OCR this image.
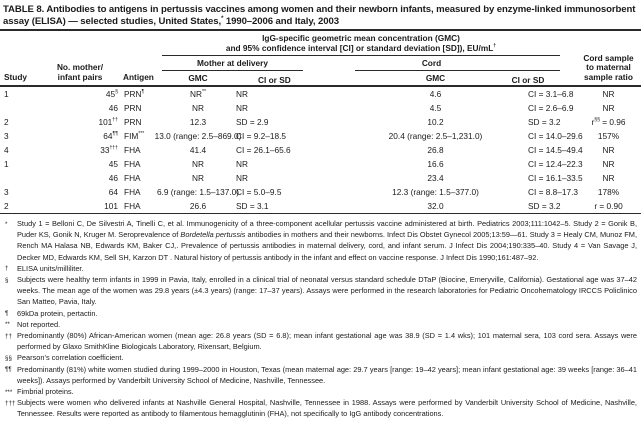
TABLE 8. Antibodies to antigens in pertussis vaccines among women and their newborn infants, measured by enzyme-linked immunosorbent assay (ELISA) — selected studies, United States,* 1990–2006 and Italy, 2003
Study	
No. mother/
infant pairs	Antigen	
IgG-specific geometric mean concentration (GMC)
and 95% confidence interval [CI] or standard deviation [SD]), EU/mL†

Cord sample
to maternal
sample ratio

			Mother at delivery		Cord		

			GMC	CI or SD	GMC	CI or SD	
1	45§	PRN¶	NR**	NR	4.6	CI = 3.1–6.8	NR
	46	PRN	NR	NR	4.5	CI = 2.6–6.9	NR
2	101††	PRN	12.3	SD = 2.9	10.2	SD = 3.2	r§§ = 0.96
3	64¶¶	FIM***	13.0 (range: 2.5–869.0)	CI = 9.2–18.5	20.4 (range: 2.5–1,231.0)	CI = 14.0–29.6	157%
4	33†††	FHA	41.4	CI = 26.1–65.6	26.8	CI = 14.5–49.4	NR
1	45	FHA	NR	NR	16.6	CI = 12.4–22.3	NR
	46	FHA	NR	NR	23.4	CI = 16.1–33.5	NR
3	64	FHA	6.9 (range: 1.5–137.0)	CI = 5.0–9.5	12.3 (range: 1.5–377.0)	CI = 8.8–17.3	178%
2	101	FHA	26.6	SD = 3.1	32.0	SD = 3.2	r = 0.90
* Study 1 = Belloni C, De Silvestri A, Tinelli C, et al. Immunogenicity of a three-component acellular pertussis vaccine administered at birth. Pediatrics 2003;111:1042–5. Study 2 = Gonik B, Puder KS, Gonik N, Kruger M. Seroprevalence of Bordetella pertussis antibodies in mothers and their newborns. Infect Dis Obstet Gynecol 2005;13:59—61. Study 3 = Healy CM, Munoz FM, Rench MA Halasa NB, Edwards KM, Baker CJ,. Prevalence of pertussis antibodies in maternal delivery, cord, and infant serum. J Infect Dis 2004;190:335–40. Study 4 = Van Savage J, Decker MD, Edwards KM, Sell SH, Karzon DT . Natural history of pertussis antibody in the infant and effect on vaccine response. J Infect Dis 1990;161:487–92.
† ELISA units/milliliter.
§ Subjects were healthy term infants in 1999 in Pavia, Italy, enrolled in a clinical trial of neonatal versus standard schedule DTaP (Biocine, Emeryville, California). Gestational age was 37–42 weeks. The mean age of the women was 29.8 years (±4.3 years) (range: 17–37 years). Assays were performed in the research laboratories for Pediatric Oncohematology IRCCS Policlinico San Matteo, Pavia, Italy.
¶ 69kDa protein, pertactin.
** Not reported.
†† Predominantly (80%) African-American women (mean age: 26.8 years (SD = 6.8); mean infant gestational age was 38.9 (SD = 1.4 wks); 101 maternal sera, 103 cord sera. Assays were performed by Glaxo SmithKline Biologicals Laboratory, Rixensart, Belgium.
§§ Pearson's correlation coefficient.
¶¶ Predominantly (81%) white women studied during 1999–2000 in Houston, Texas (mean maternal age: 29.7 years [range: 19–42 years]; mean infant gestational age: 39 weeks [range: 36–41 weeks]). Assays performed by Vanderbilt University School of Medicine, Nashville, Tennessee.
*** Fimbrial proteins.
††† Subjects were women who delivered infants at Nashville General Hospital, Nashville, Tennessee in 1988. Assays were performed by Vanderbilt University School of Medicine, Nashville, Tennessee. Results were reported as antibody to filamentous hemagglutinin (FHA), not specifically to IgG antibody concentrations.
